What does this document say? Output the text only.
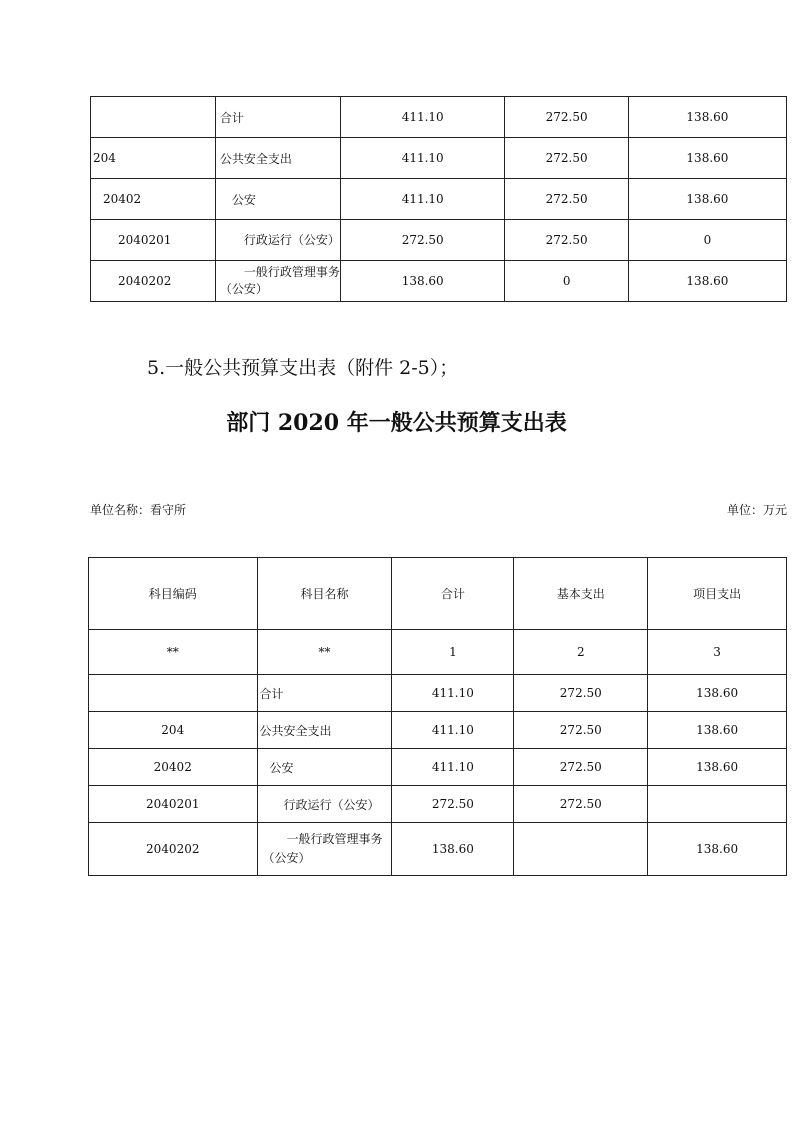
	合计	411.10	272.50	138.60
204	公共安全支出	411.10	272.50	138.60
20402	公安	411.10	272.50	138.60
2040201	行政运行（公安）	272.50	272.50	0
2040202	一般行政管理事务（公安）	138.60	0	138.60

5.一般公共预算支出表（附件 2-5）；

部门 2020 年一般公共预算支出表
单位名称：看守所	单位：万元
科目编码	科目名称	合计	基本支出	项目支出
**	**	1	2	3
	合计	411.10	272.50	138.60
204	公共安全支出	411.10	272.50	138.60
20402	公安	411.10	272.50	138.60
2040201	行政运行（公安）	272.50	272.50	
2040202	一般行政管理事务（公安）	138.60		138.60
